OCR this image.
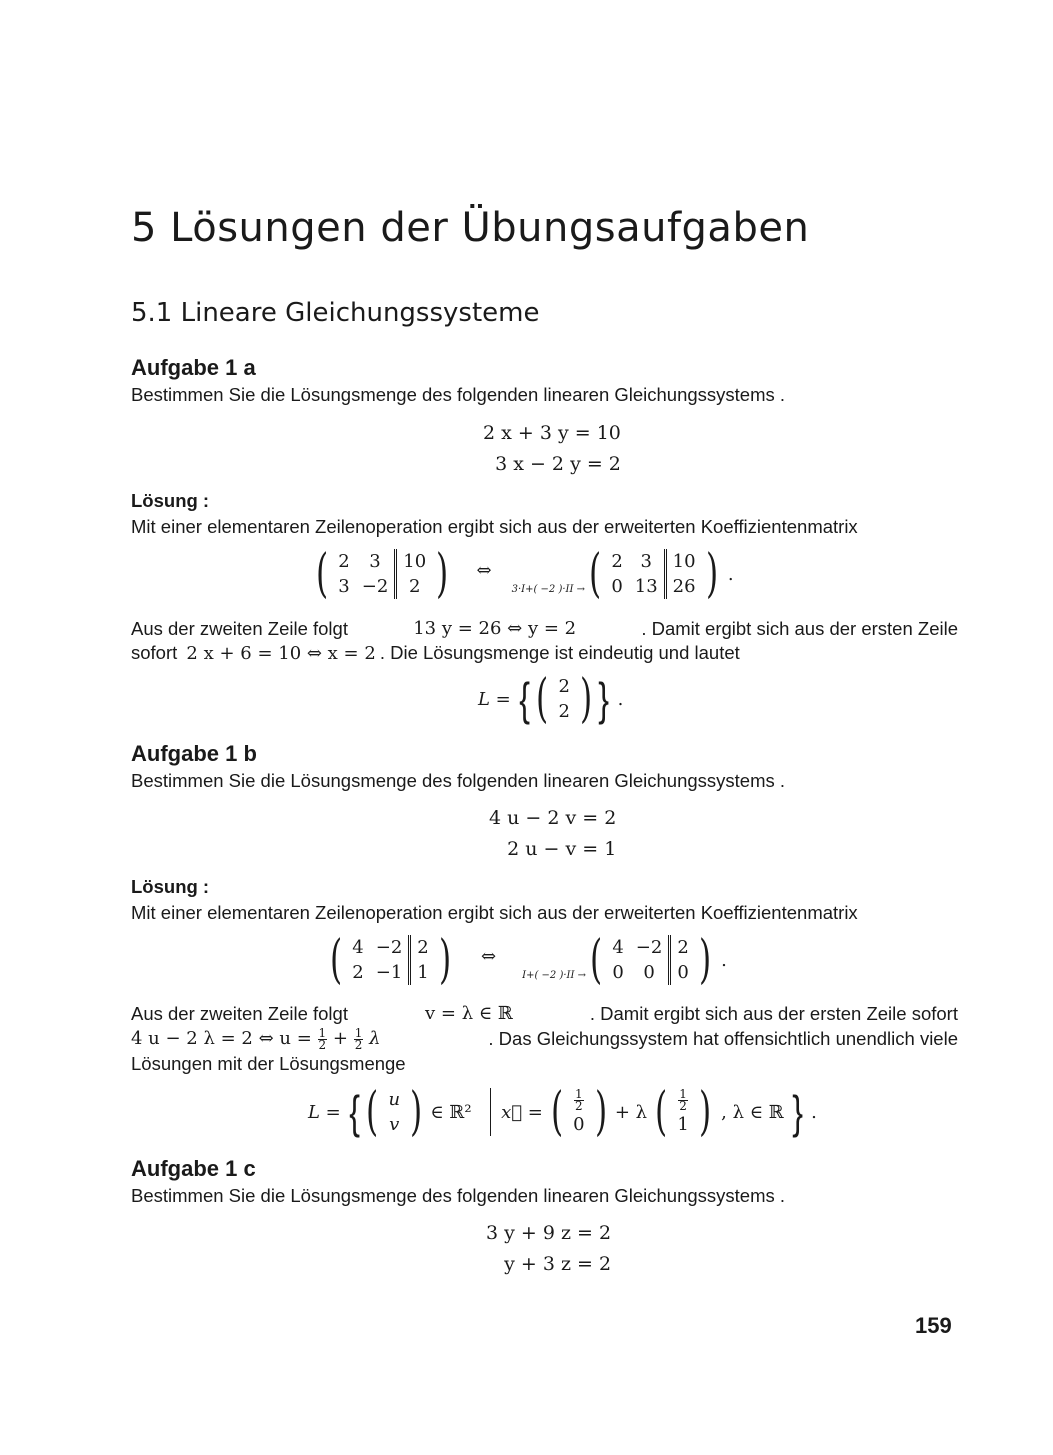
5 Lösungen der Übungsaufgaben
5.1 Lineare Gleichungssysteme
Aufgabe 1 a
Bestimmen Sie die Lösungsmenge des folgenden linearen Gleichungssystems .
2 x + 3 y = 10
3 x − 2 y = 2
Lösung :
Mit einer elementaren Zeilenoperation ergibt sich aus der erweiterten Koeffizientenmatrix
( 2	3	10
3	−2	2 ) ⇔
3·I+( −2 )·II → ( 2	3	10
0	13	26 ) .
Aus der zweiten Zeile folgt	13 y = 26 ⇔ y = 2	. Damit ergibt sich aus der ersten Zeile
sofort 2 x + 6 = 10 ⇔ x = 2 . Die Lösungsmenge ist eindeutig und lautet
L = { ( 2
2 ) } .
Aufgabe 1 b
Bestimmen Sie die Lösungsmenge des folgenden linearen Gleichungssystems .
4 u − 2 v = 2
2 u − v = 1
Lösung :
Mit einer elementaren Zeilenoperation ergibt sich aus der erweiterten Koeffizientenmatrix
( 4	−2	2
2	−1	1 ) ⇔
I+( −2 )·II → ( 4	−2	2
0	0	0 ) .
Aus der zweiten Zeile folgt	v = λ ∈ ℝ	. Damit ergibt sich aus der ersten Zeile sofort
4 u − 2 λ = 2 ⇔ $u = \frac{1}{2} + \frac{1}{2}$ λ	. Das Gleichungssystem hat offensichtlich unendlich viele
Lösungen mit der Lösungsmenge
L = { ( u
v ) ∈ ℝ² x⃗ = ( $\frac{1}{2}$

0 ) + λ ( $\frac{1}{2}$

1 ) , λ ∈ ℝ } .
Aufgabe 1 c
Bestimmen Sie die Lösungsmenge des folgenden linearen Gleichungssystems .
3 y + 9 z = 2
y + 3 z = 2
159
